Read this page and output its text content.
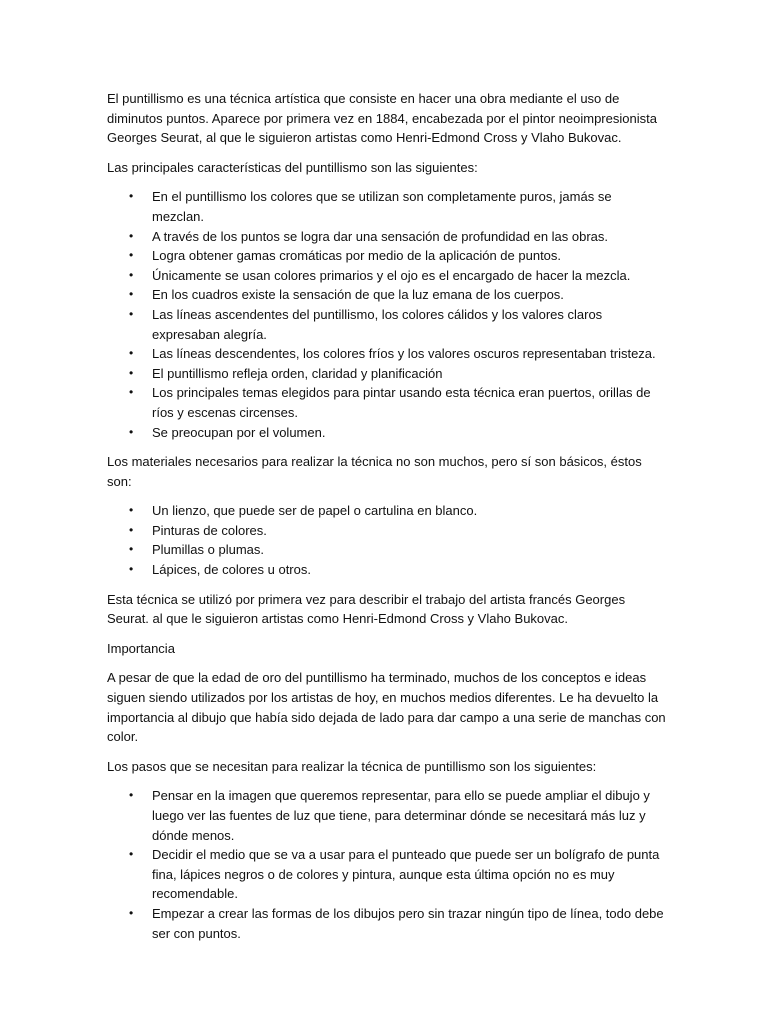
El puntillismo es una técnica artística que consiste en hacer una obra mediante el uso de diminutos puntos. Aparece por primera vez en 1884, encabezada por el pintor neoimpresionista Georges Seurat, al que le siguieron artistas como Henri-Edmond Cross y Vlaho Bukovac.

Las principales características del puntillismo son las siguientes:

• En el puntillismo los colores que se utilizan son completamente puros, jamás se mezclan.
• A través de los puntos se logra dar una sensación de profundidad en las obras.
• Logra obtener gamas cromáticas por medio de la aplicación de puntos.
• Únicamente se usan colores primarios y el ojo es el encargado de hacer la mezcla.
• En los cuadros existe la sensación de que la luz emana de los cuerpos.
• Las líneas ascendentes del puntillismo, los colores cálidos y los valores claros expresaban alegría.
• Las líneas descendentes, los colores fríos y los valores oscuros representaban tristeza.
• El puntillismo refleja orden, claridad y planificación
• Los principales temas elegidos para pintar usando esta técnica eran puertos, orillas de ríos y escenas circenses.
• Se preocupan por el volumen.

Los materiales necesarios para realizar la técnica no son muchos, pero sí son básicos, éstos son:

• Un lienzo, que puede ser de papel o cartulina en blanco.
• Pinturas de colores.
• Plumillas o plumas.
• Lápices, de colores u otros.

Esta técnica se utilizó por primera vez para describir el trabajo del artista francés Georges Seurat. al que le siguieron artistas como Henri-Edmond Cross y Vlaho Bukovac.

Importancia

A pesar de que la edad de oro del puntillismo ha terminado, muchos de los conceptos e ideas siguen siendo utilizados por los artistas de hoy, en muchos medios diferentes. Le ha devuelto la importancia al dibujo que había sido dejada de lado para dar campo a una serie de manchas con color.

Los pasos que se necesitan para realizar la técnica de puntillismo son los siguientes:

• Pensar en la imagen que queremos representar, para ello se puede ampliar el dibujo y luego ver las fuentes de luz que tiene, para determinar dónde se necesitará más luz y dónde menos.
• Decidir el medio que se va a usar para el punteado que puede ser un bolígrafo de punta fina, lápices negros o de colores y pintura, aunque esta última opción no es muy recomendable.
• Empezar a crear las formas de los dibujos pero sin trazar ningún tipo de línea, todo debe ser con puntos.
